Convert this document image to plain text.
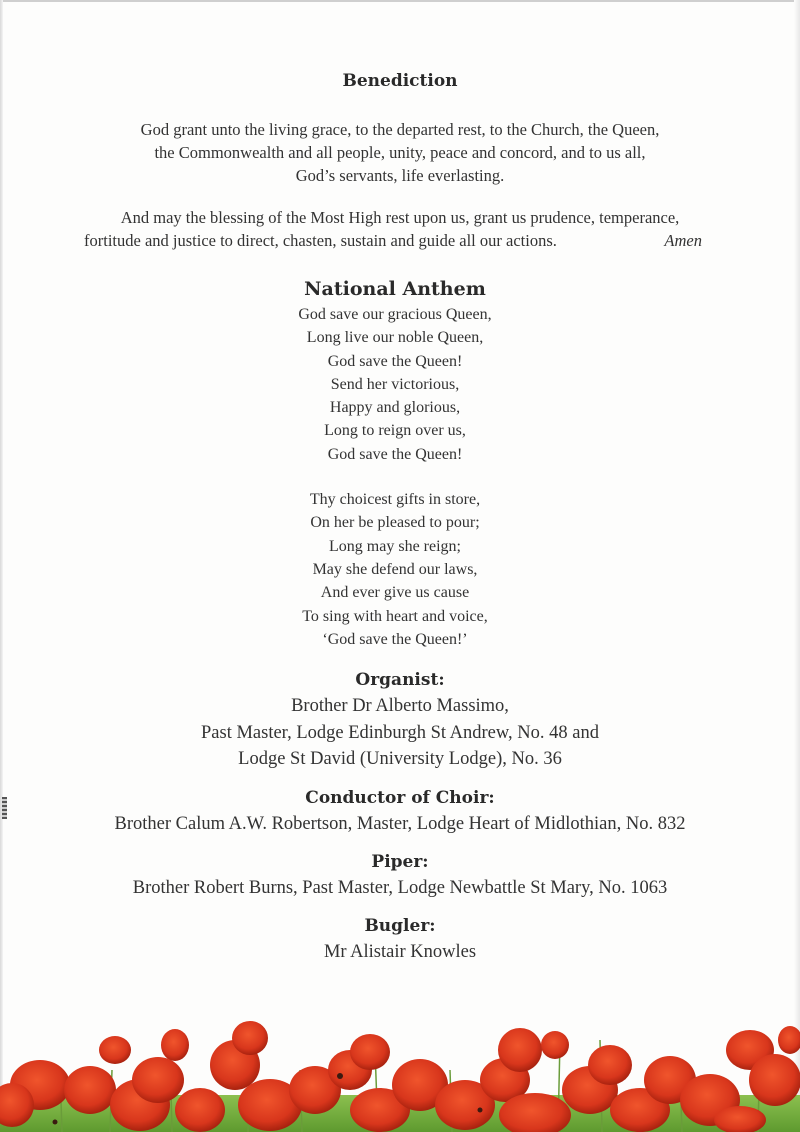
Benediction
God grant unto the living grace, to the departed rest, to the Church, the Queen,
the Commonwealth and all people, unity, peace and concord, and to us all,
God’s servants, life everlasting.
And may the blessing of the Most High rest upon us, grant us prudence, temperance,
fortitude and justice to direct, chasten, sustain and guide all our actions.	Amen
National Anthem
God save our gracious Queen,
Long live our noble Queen,
God save the Queen!
Send her victorious,
Happy and glorious,
Long to reign over us,
God save the Queen!
Thy choicest gifts in store,
On her be pleased to pour;
Long may she reign;
May she defend our laws,
And ever give us cause
To sing with heart and voice,
‘God save the Queen!’
Organist:
Brother Dr Alberto Massimo,
Past Master, Lodge Edinburgh St Andrew, No. 48 and
Lodge St David (University Lodge), No. 36
Conductor of Choir:
Brother Calum A.W. Robertson, Master, Lodge Heart of Midlothian, No. 832
Piper:
Brother Robert Burns, Past Master, Lodge Newbattle St Mary, No. 1063
Bugler:
Mr Alistair Knowles
